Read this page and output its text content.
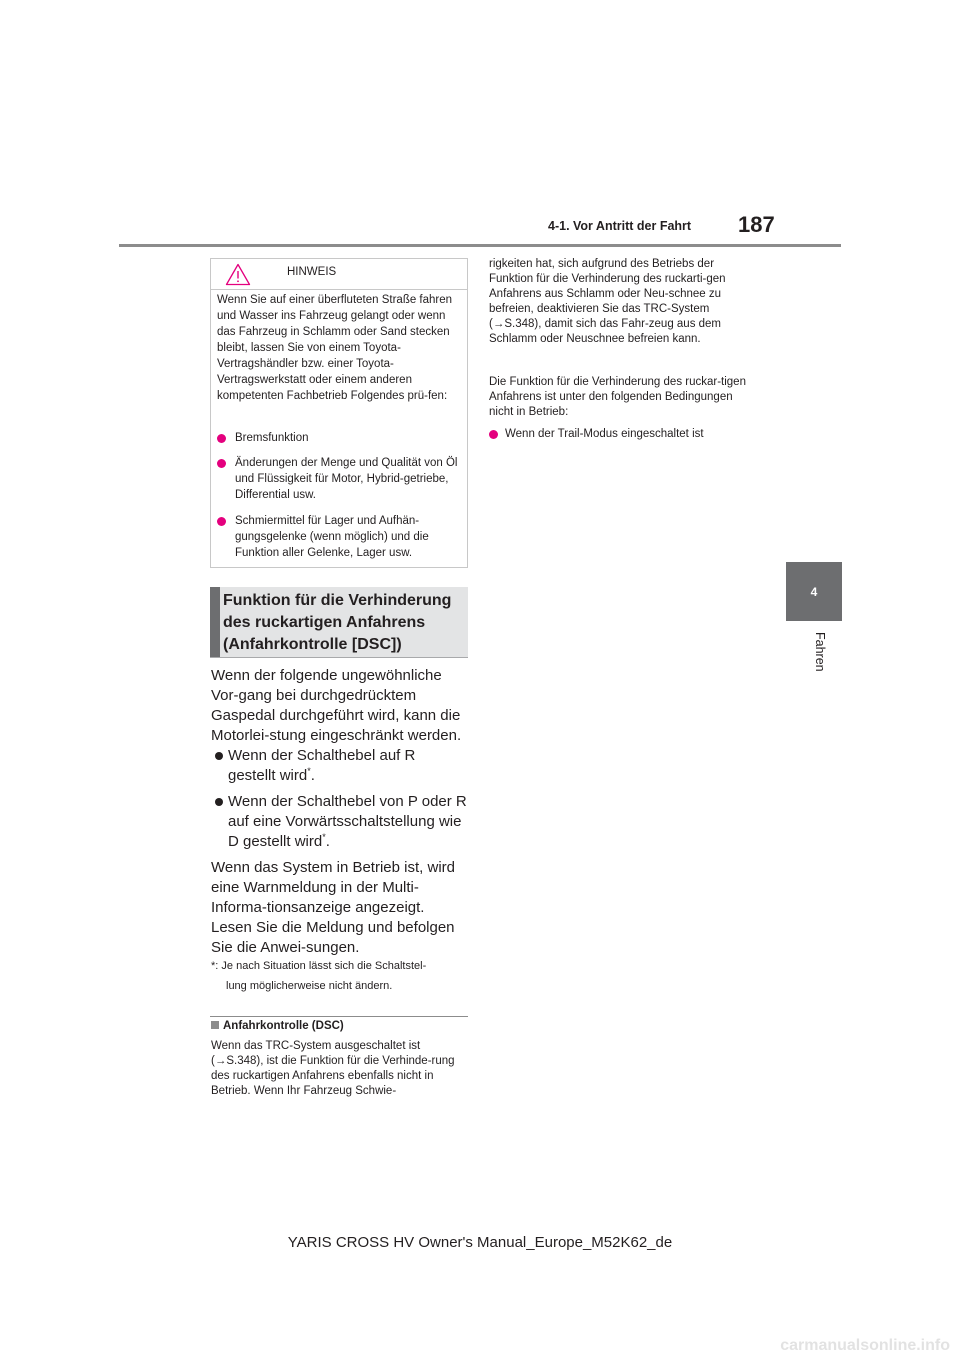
4-1. Vor Antritt der Fahrt 187
4
Fahren
HINWEIS
Wenn Sie auf einer überfluteten Straße fahren und Wasser ins Fahrzeug gelangt oder wenn das Fahrzeug in Schlamm oder Sand stecken bleibt, lassen Sie von einem Toyota-Vertragshändler bzw. einer Toyota-Vertragswerkstatt oder einem anderen kompetenten Fachbetrieb Folgendes prü-fen:
Bremsfunktion
Änderungen der Menge und Qualität von Öl und Flüssigkeit für Motor, Hybrid-getriebe, Differential usw.
Schmiermittel für Lager und Aufhän-gungsgelenke (wenn möglich) und die Funktion aller Gelenke, Lager usw.
Funktion für die Verhinderung des ruckartigen Anfahrens (Anfahrkontrolle [DSC])
Wenn der folgende ungewöhnliche Vor-gang bei durchgedrücktem Gaspedal durchgeführt wird, kann die Motorlei-stung eingeschränkt werden.
Wenn der Schalthebel auf R gestellt wird*.
Wenn der Schalthebel von P oder R auf eine Vorwärtsschaltstellung wie D gestellt wird*.
Wenn das System in Betrieb ist, wird eine Warnmeldung in der Multi-Informa-tionsanzeige angezeigt. Lesen Sie die Meldung und befolgen Sie die Anwei-sungen.
*: Je nach Situation lässt sich die Schaltstel-
lung möglicherweise nicht ändern.
Anfahrkontrolle (DSC)
Wenn das TRC-System ausgeschaltet ist (→S.348), ist die Funktion für die Verhinde-rung des ruckartigen Anfahrens ebenfalls nicht in Betrieb. Wenn Ihr Fahrzeug Schwie-
rigkeiten hat, sich aufgrund des Betriebs der Funktion für die Verhinderung des ruckarti-gen Anfahrens aus Schlamm oder Neu-schnee zu befreien, deaktivieren Sie das TRC-System (→S.348), damit sich das Fahr-zeug aus dem Schlamm oder Neuschnee befreien kann.
Die Funktion für die Verhinderung des ruckar-tigen Anfahrens ist unter den folgenden Bedingungen nicht in Betrieb:
Wenn der Trail-Modus eingeschaltet ist
YARIS CROSS HV Owner's Manual_Europe_M52K62_de
carmanualsonline.info
